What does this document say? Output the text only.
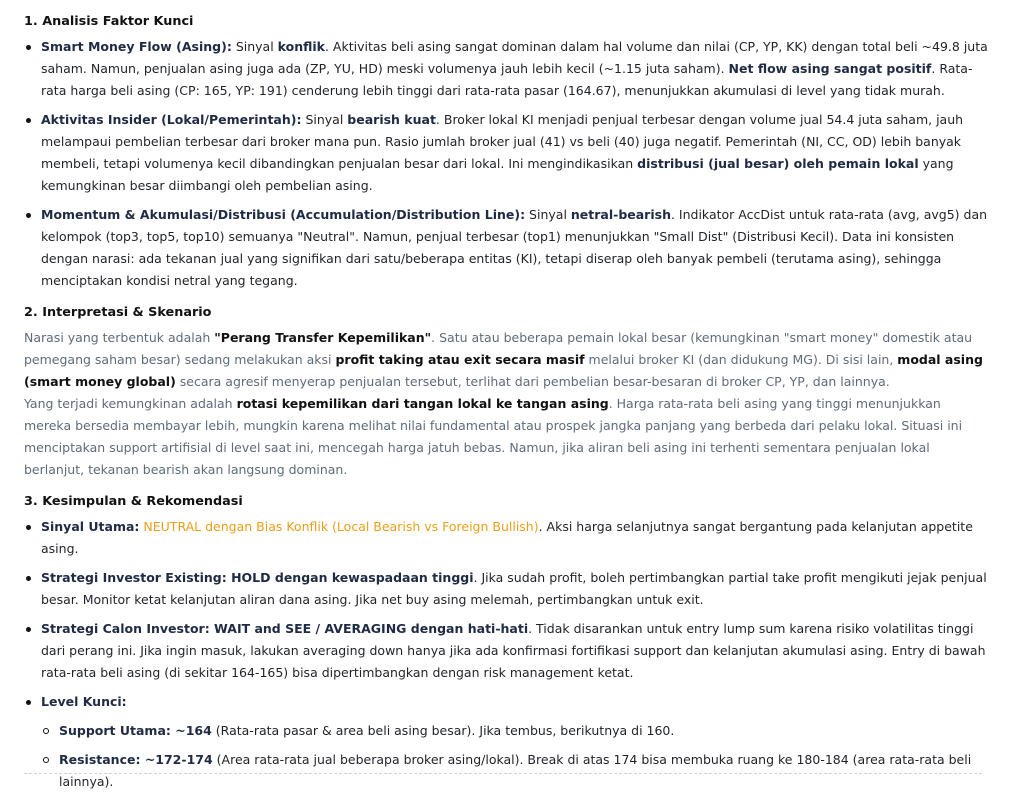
1. Analisis Faktor Kunci
Smart Money Flow (Asing): Sinyal konflik. Aktivitas beli asing sangat dominan dalam hal volume dan nilai (CP, YP, KK) dengan total beli ~49.8 juta saham. Namun, penjualan asing juga ada (ZP, YU, HD) meski volumenya jauh lebih kecil (~1.15 juta saham). Net flow asing sangat positif. Rata-rata harga beli asing (CP: 165, YP: 191) cenderung lebih tinggi dari rata-rata pasar (164.67), menunjukkan akumulasi di level yang tidak murah.
Aktivitas Insider (Lokal/Pemerintah): Sinyal bearish kuat. Broker lokal KI menjadi penjual terbesar dengan volume jual 54.4 juta saham, jauh melampaui pembelian terbesar dari broker mana pun. Rasio jumlah broker jual (41) vs beli (40) juga negatif. Pemerintah (NI, CC, OD) lebih banyak membeli, tetapi volumenya kecil dibandingkan penjualan besar dari lokal. Ini mengindikasikan distribusi (jual besar) oleh pemain lokal yang kemungkinan besar diimbangi oleh pembelian asing.
Momentum & Akumulasi/Distribusi (Accumulation/Distribution Line): Sinyal netral-bearish. Indikator AccDist untuk rata-rata (avg, avg5) dan kelompok (top3, top5, top10) semuanya "Neutral". Namun, penjual terbesar (top1) menunjukkan "Small Dist" (Distribusi Kecil). Data ini konsisten dengan narasi: ada tekanan jual yang signifikan dari satu/beberapa entitas (KI), tetapi diserap oleh banyak pembeli (terutama asing), sehingga menciptakan kondisi netral yang tegang.
2. Interpretasi & Skenario
Narasi yang terbentuk adalah "Perang Transfer Kepemilikan". Satu atau beberapa pemain lokal besar (kemungkinan "smart money" domestik atau pemegang saham besar) sedang melakukan aksi profit taking atau exit secara masif melalui broker KI (dan didukung MG). Di sisi lain, modal asing (smart money global) secara agresif menyerap penjualan tersebut, terlihat dari pembelian besar-besaran di broker CP, YP, dan lainnya.
Yang terjadi kemungkinan adalah rotasi kepemilikan dari tangan lokal ke tangan asing. Harga rata-rata beli asing yang tinggi menunjukkan mereka bersedia membayar lebih, mungkin karena melihat nilai fundamental atau prospek jangka panjang yang berbeda dari pelaku lokal. Situasi ini menciptakan support artifisial di level saat ini, mencegah harga jatuh bebas. Namun, jika aliran beli asing ini terhenti sementara penjualan lokal berlanjut, tekanan bearish akan langsung dominan.
3. Kesimpulan & Rekomendasi
Sinyal Utama: NEUTRAL dengan Bias Konflik (Local Bearish vs Foreign Bullish). Aksi harga selanjutnya sangat bergantung pada kelanjutan appetite asing.
Strategi Investor Existing: HOLD dengan kewaspadaan tinggi. Jika sudah profit, boleh pertimbangkan partial take profit mengikuti jejak penjual besar. Monitor ketat kelanjutan aliran dana asing. Jika net buy asing melemah, pertimbangkan untuk exit.
Strategi Calon Investor: WAIT and SEE / AVERAGING dengan hati-hati. Tidak disarankan untuk entry lump sum karena risiko volatilitas tinggi dari perang ini. Jika ingin masuk, lakukan averaging down hanya jika ada konfirmasi fortifikasi support dan kelanjutan akumulasi asing. Entry di bawah rata-rata beli asing (di sekitar 164-165) bisa dipertimbangkan dengan risk management ketat.
Level Kunci:
Support Utama: ~164 (Rata-rata pasar & area beli asing besar). Jika tembus, berikutnya di 160.
Resistance: ~172-174 (Area rata-rata jual beberapa broker asing/lokal). Break di atas 174 bisa membuka ruang ke 180-184 (area rata-rata beli lainnya).
